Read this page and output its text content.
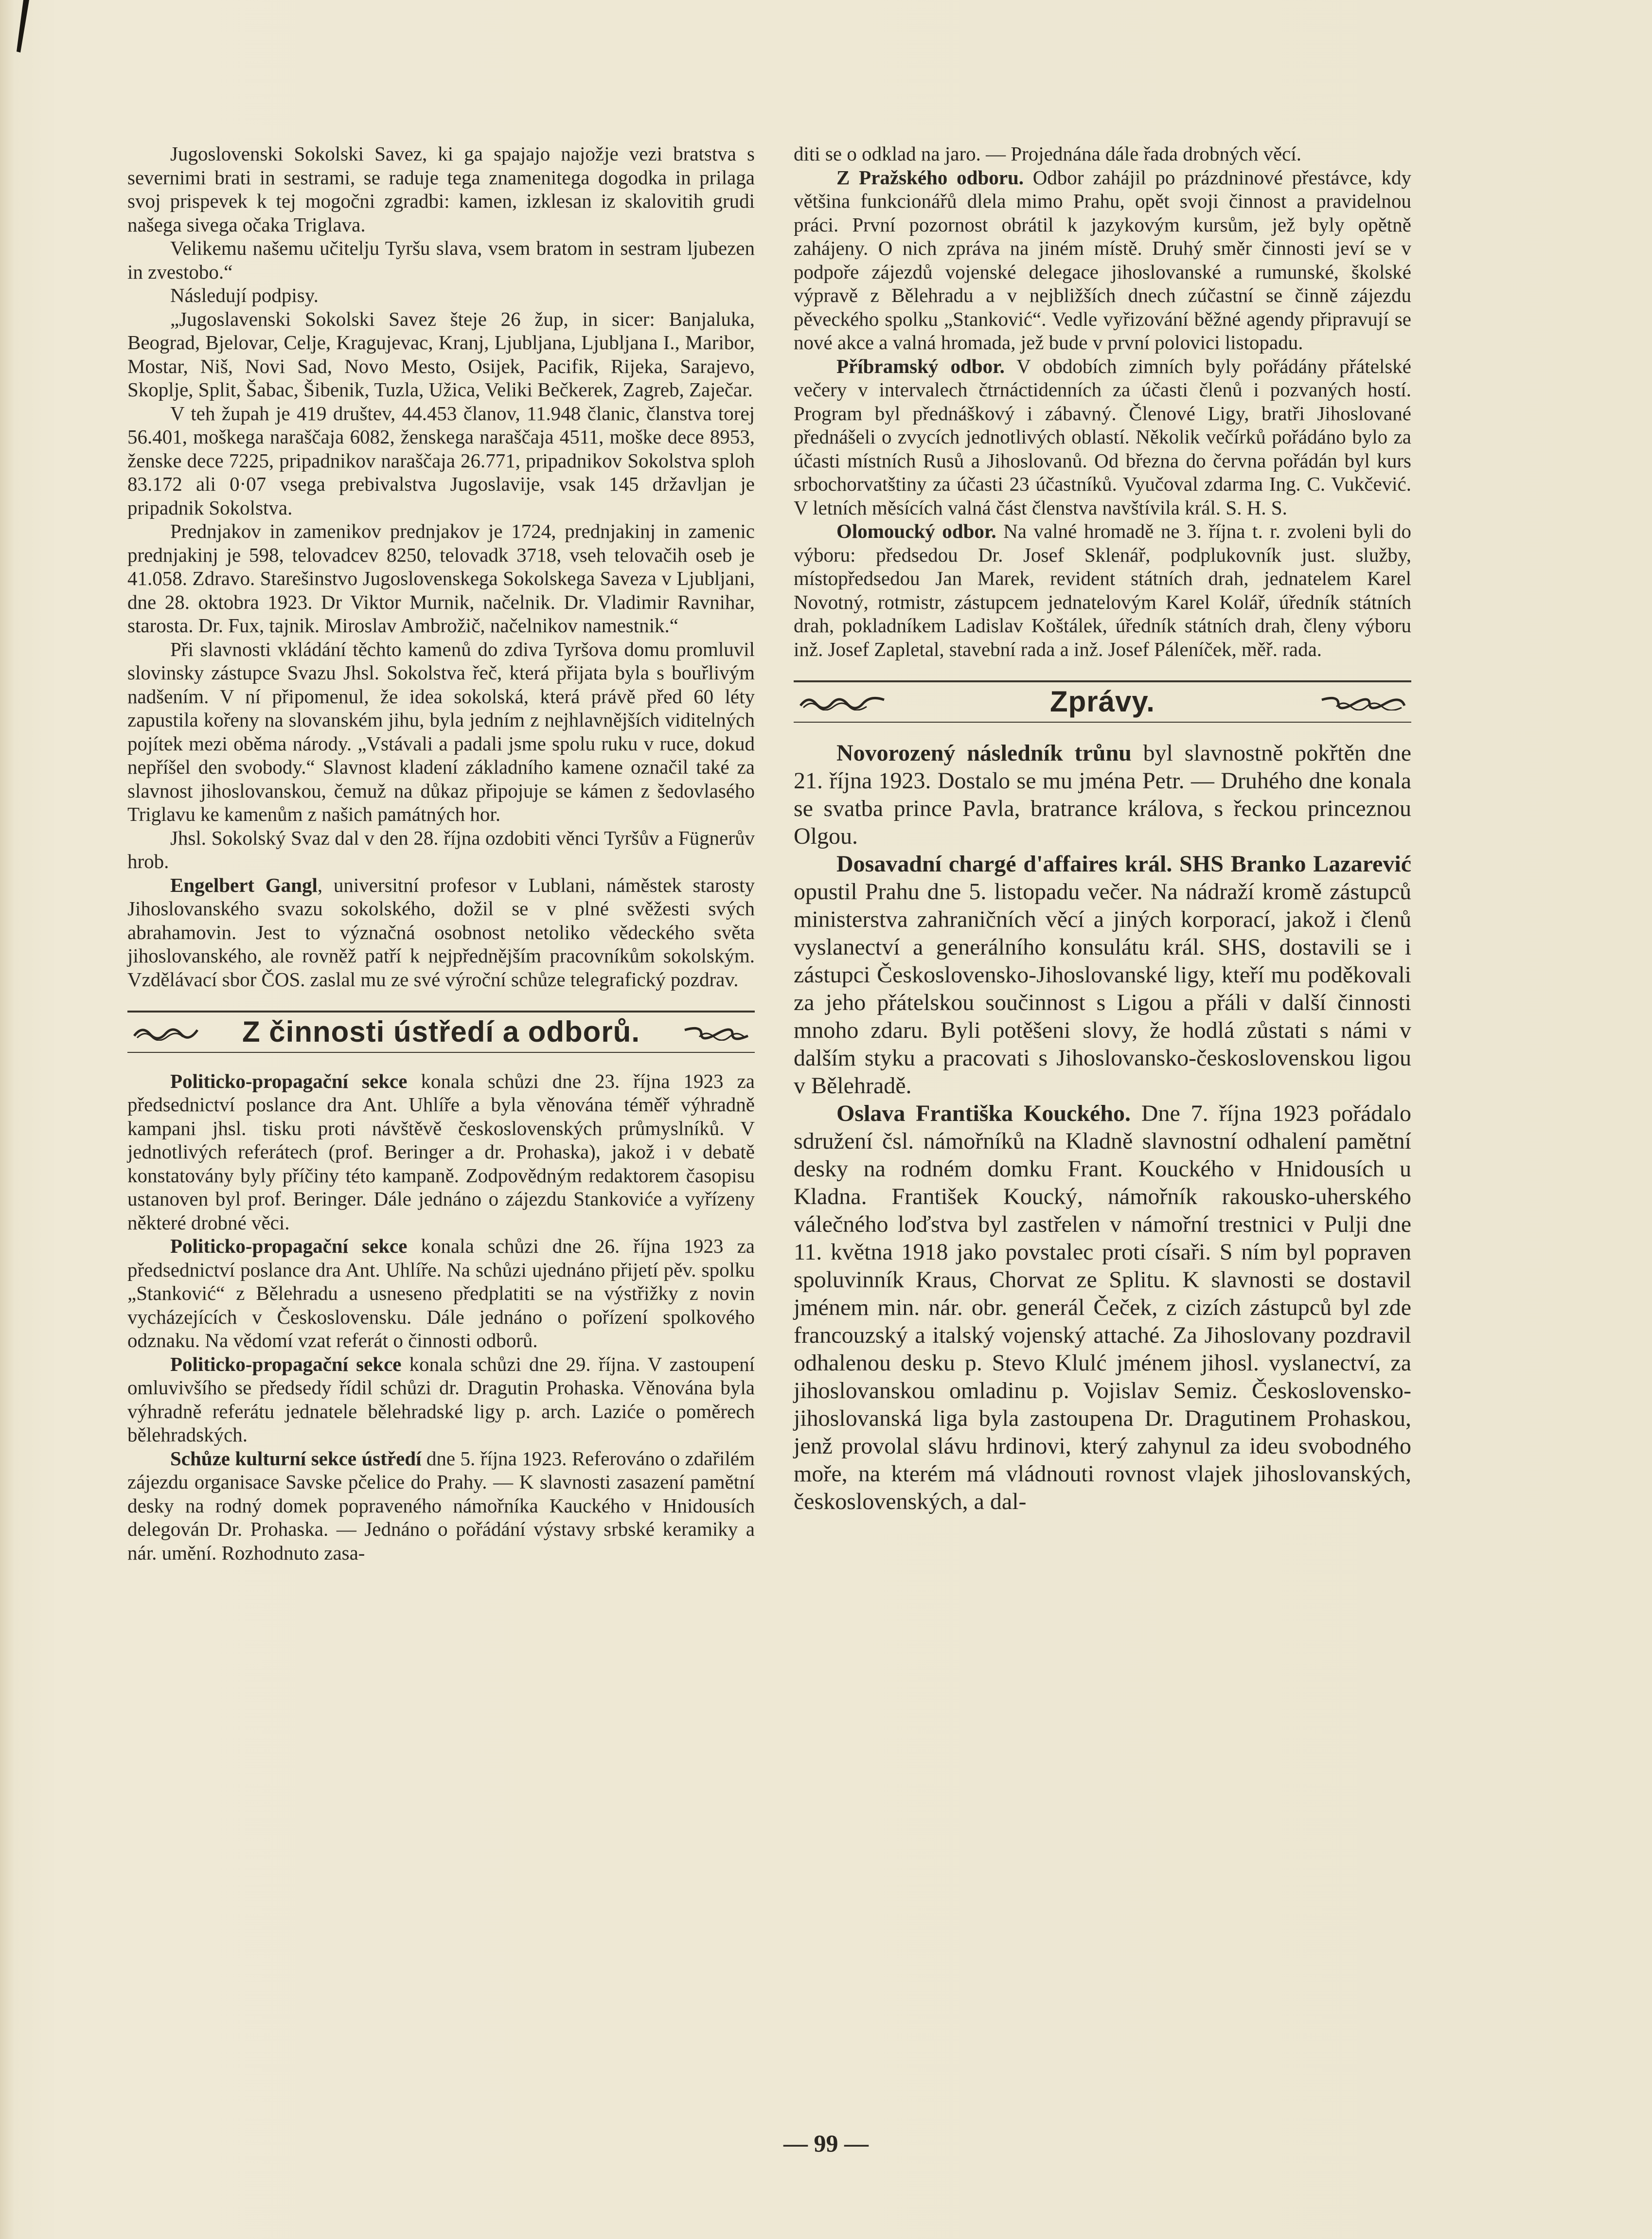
Jugoslovenski Sokolski Savez, ki ga spajajo najožje vezi bratstva s severnimi brati in sestrami, se raduje tega znamenitega dogodka in prilaga svoj prispevek k tej mogočni zgradbi: kamen, izklesan iz skalovitih grudi našega sivega očaka Triglava.

Velikemu našemu učitelju Tyršu slava, vsem bratom in sestram ljubezen in zvestobo.“

Následují podpisy.

„Jugoslavenski Sokolski Savez šteje 26 žup, in sicer: Banjaluka, Beograd, Bjelovar, Celje, Kragujevac, Kranj, Ljubljana, Ljubljana I., Maribor, Mostar, Niš, Novi Sad, Novo Mesto, Osijek, Pacifik, Rijeka, Sarajevo, Skoplje, Split, Šabac, Šibenik, Tuzla, Užica, Veliki Bečkerek, Zagreb, Zaječar.

V teh župah je 419 društev, 44.453 članov, 11.948 članic, članstva torej 56.401, moškega naraščaja 6082, ženskega naraščaja 4511, moške dece 8953, ženske dece 7225, pripadnikov naraščaja 26.771, pripadnikov Sokolstva sploh 83.172 ali 0·07 vsega prebivalstva Jugoslavije, vsak 145 državljan je pripadnik Sokolstva.

Prednjakov in zamenikov prednjakov je 1724, prednjakinj in zamenic prednjakinj je 598, telovadcev 8250, telovadk 3718, vseh telovačih oseb je 41.058. Zdravo. Starešinstvo Jugoslovenskega Sokolskega Saveza v Ljubljani, dne 28. oktobra 1923. Dr Viktor Murnik, načelnik. Dr. Vladimir Ravnihar, starosta. Dr. Fux, tajnik. Miroslav Ambrožič, načelnikov namestnik.“

Při slavnosti vkládání těchto kamenů do zdiva Tyršova domu promluvil slovinsky zástupce Svazu Jhsl. Sokolstva řeč, která přijata byla s bouřlivým nadšením. V ní připomenul, že idea sokolská, která právě před 60 léty zapustila kořeny na slovanském jihu, byla jedním z nejhlavnějších viditelných pojítek mezi oběma národy. „Vstávali a padali jsme spolu ruku v ruce, dokud nepříšel den svobody.“ Slavnost kladení základního kamene označil také za slavnost jihoslovanskou, čemuž na důkaz připojuje se kámen z šedovlasého Triglavu ke kamenům z našich památných hor.

Jhsl. Sokolský Svaz dal v den 28. října ozdobiti věnci Tyršův a Fügnerův hrob.

Engelbert Gangl, universitní profesor v Lublani, náměstek starosty Jihoslovanského svazu sokolského, dožil se v plné svěžesti svých abrahamovin. Jest to význačná osobnost netoliko vědeckého světa jihoslovanského, ale rovněž patří k nejpřednějším pracovníkům sokolským. Vzdělávací sbor ČOS. zaslal mu ze své výroční schůze telegrafický pozdrav.

Z činnosti ústředí a odborů.

Politicko-propagační sekce konala schůzi dne 23. října 1923 za předsednictví poslance dra Ant. Uhlíře a byla věnována téměř výhradně kampani jhsl. tisku proti návštěvě československých průmyslníků. V jednotlivých referátech (prof. Beringer a dr. Prohaska), jakož i v debatě konstatovány byly příčiny této kampaně. Zodpovědným redaktorem časopisu ustanoven byl prof. Beringer. Dále jednáno o zájezdu Stankoviće a vyřízeny některé drobné věci.

Politicko-propagační sekce konala schůzi dne 26. října 1923 za předsednictví poslance dra Ant. Uhlíře. Na schůzi ujednáno přijetí pěv. spolku „Stanković“ z Bělehradu a usneseno předplatiti se na výstřižky z novin vycházejících v Československu. Dále jednáno o pořízení spolkového odznaku. Na vědomí vzat referát o činnosti odborů.

Politicko-propagační sekce konala schůzi dne 29. října. V zastoupení omluvivšího se předsedy řídil schůzi dr. Dragutin Prohaska. Věnována byla výhradně referátu jednatele bělehradské ligy p. arch. Laziće o poměrech bělehradských.

Schůze kulturní sekce ústředí dne 5. října 1923. Referováno o zdařilém zájezdu organisace Savske pčelice do Prahy. — K slavnosti zasazení pamětní desky na rodný domek popraveného námořníka Kauckého v Hnidousích delegován Dr. Prohaska. — Jednáno o pořádání výstavy srbské keramiky a nár. umění. Rozhodnuto zasa-

diti se o odklad na jaro. — Projednána dále řada drobných věcí.

Z Pražského odboru. Odbor zahájil po prázdninové přestávce, kdy většina funkcionářů dlela mimo Prahu, opět svoji činnost a pravidelnou práci. První pozornost obrátil k jazykovým kursům, jež byly opětně zahájeny. O nich zpráva na jiném místě. Druhý směr činnosti jeví se v podpoře zájezdů vojenské delegace jihoslovanské a rumunské, školské výpravě z Bělehradu a v nejbližších dnech zúčastní se činně zájezdu pěveckého spolku „Stanković“. Vedle vyřizování běžné agendy připravují se nové akce a valná hromada, jež bude v první polovici listopadu.

Příbramský odbor. V obdobích zimních byly pořádány přátelské večery v intervalech čtrnáctidenních za účasti členů i pozvaných hostí. Program byl přednáškový i zábavný. Členové Ligy, bratři Jihoslované přednášeli o zvycích jednotlivých oblastí. Několik večírků pořádáno bylo za účasti místních Rusů a Jihoslovanů. Od března do června pořádán byl kurs srbochorvatštiny za účasti 23 účastníků. Vyučoval zdarma Ing. C. Vukčević. V letních měsících valná část členstva navštívila král. S. H. S.

Olomoucký odbor. Na valné hromadě ne 3. října t. r. zvoleni byli do výboru: předsedou Dr. Josef Sklenář, podplukovník just. služby, místopředsedou Jan Marek, revident státních drah, jednatelem Karel Novotný, rotmistr, zástupcem jednatelovým Karel Kolář, úředník státních drah, pokladníkem Ladislav Koštálek, úředník státních drah, členy výboru inž. Josef Zapletal, stavební rada a inž. Josef Páleníček, měř. rada.

Zprávy.

Novorozený následník trůnu byl slavnostně pokřtěn dne 21. října 1923. Dostalo se mu jména Petr. — Druhého dne konala se svatba prince Pavla, bratrance králova, s řeckou princeznou Olgou.

Dosavadní chargé d'affaires král. SHS Branko Lazarević opustil Prahu dne 5. listopadu večer. Na nádraží kromě zástupců ministerstva zahraničních věcí a jiných korporací, jakož i členů vyslanectví a generálního konsulátu král. SHS, dostavili se i zástupci Československo-Jihoslovanské ligy, kteří mu poděkovali za jeho přátelskou součinnost s Ligou a přáli v další činnosti mnoho zdaru. Byli potěšeni slovy, že hodlá zůstati s námi v dalším styku a pracovati s Jihoslovansko-československou ligou v Bělehradě.

Oslava Františka Kouckého. Dne 7. října 1923 pořádalo sdružení čsl. námořníků na Kladně slavnostní odhalení pamětní desky na rodném domku Frant. Kouckého v Hnidousích u Kladna. František Koucký, námořník rakousko-uherského válečného loďstva byl zastřelen v námořní trestnici v Pulji dne 11. května 1918 jako povstalec proti císaři. S ním byl popraven spoluvinník Kraus, Chorvat ze Splitu. K slavnosti se dostavil jménem min. nár. obr. generál Čeček, z cizích zástupců byl zde francouzský a italský vojenský attaché. Za Jihoslovany pozdravil odhalenou desku p. Stevo Klulć jménem jihosl. vyslanectví, za jihoslovanskou omladinu p. Vojislav Semiz. Československo-jihoslovanská liga byla zastoupena Dr. Dragutinem Prohaskou, jenž provolal slávu hrdinovi, který zahynul za ideu svobodného moře, na kterém má vládnouti rovnost vlajek jihoslovanských, československých, a dal-

— 99 —
